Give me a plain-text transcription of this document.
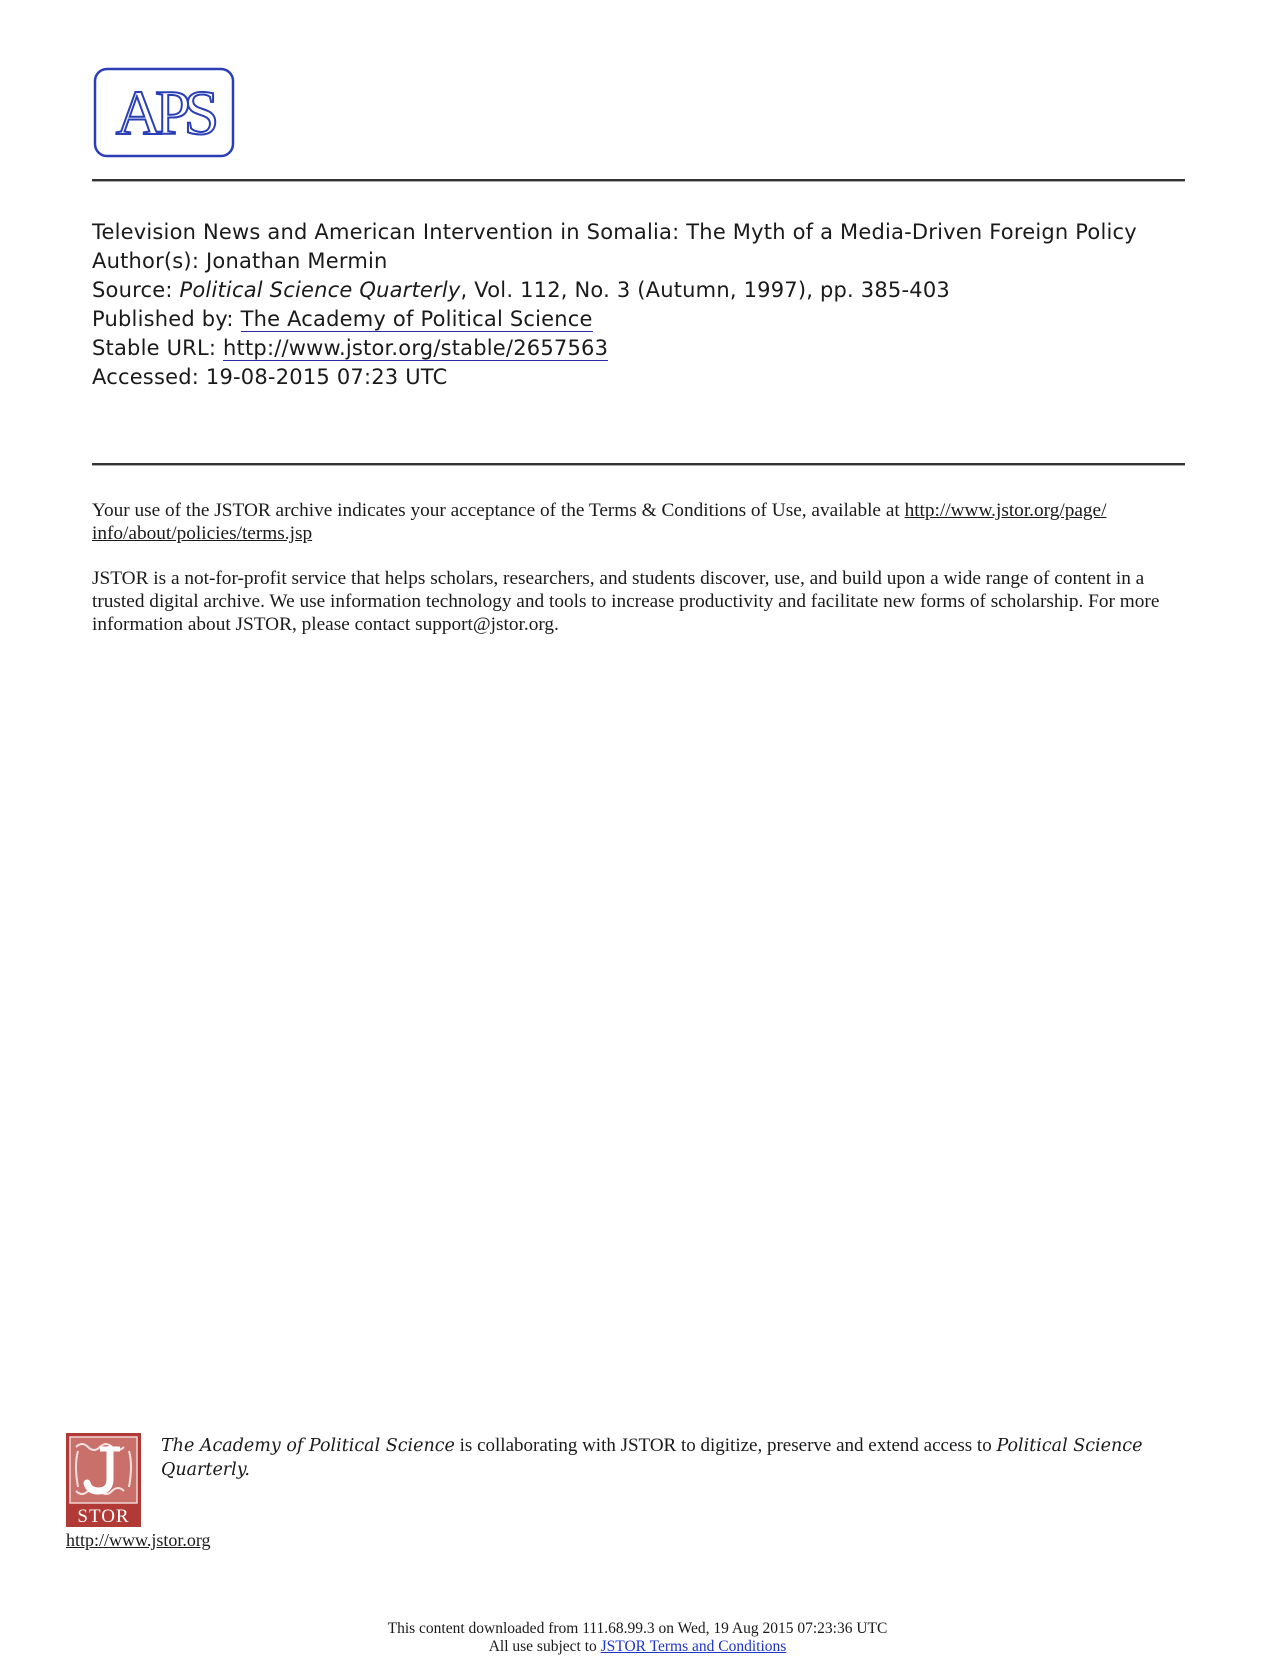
APS
Television News and American Intervention in Somalia: The Myth of a Media-Driven Foreign Policy
Author(s): Jonathan Mermin
Source: Political Science Quarterly, Vol. 112, No. 3 (Autumn, 1997), pp. 385-403
Published by: The Academy of Political Science
Stable URL: http://www.jstor.org/stable/2657563
Accessed: 19-08-2015 07:23 UTC

Your use of the JSTOR archive indicates your acceptance of the Terms & Conditions of Use, available at http://www.jstor.org/page/
info/about/policies/terms.jsp

JSTOR is a not-for-profit service that helps scholars, researchers, and students discover, use, and build upon a wide range of content in a trusted digital archive. We use information technology and tools to increase productivity and facilitate new forms of scholarship. For more information about JSTOR, please contact support@jstor.org.

STOR
The Academy of Political Science is collaborating with JSTOR to digitize, preserve and extend access to Political Science Quarterly.
http://www.jstor.org
This content downloaded from 111.68.99.3 on Wed, 19 Aug 2015 07:23:36 UTC
All use subject to JSTOR Terms and Conditions
